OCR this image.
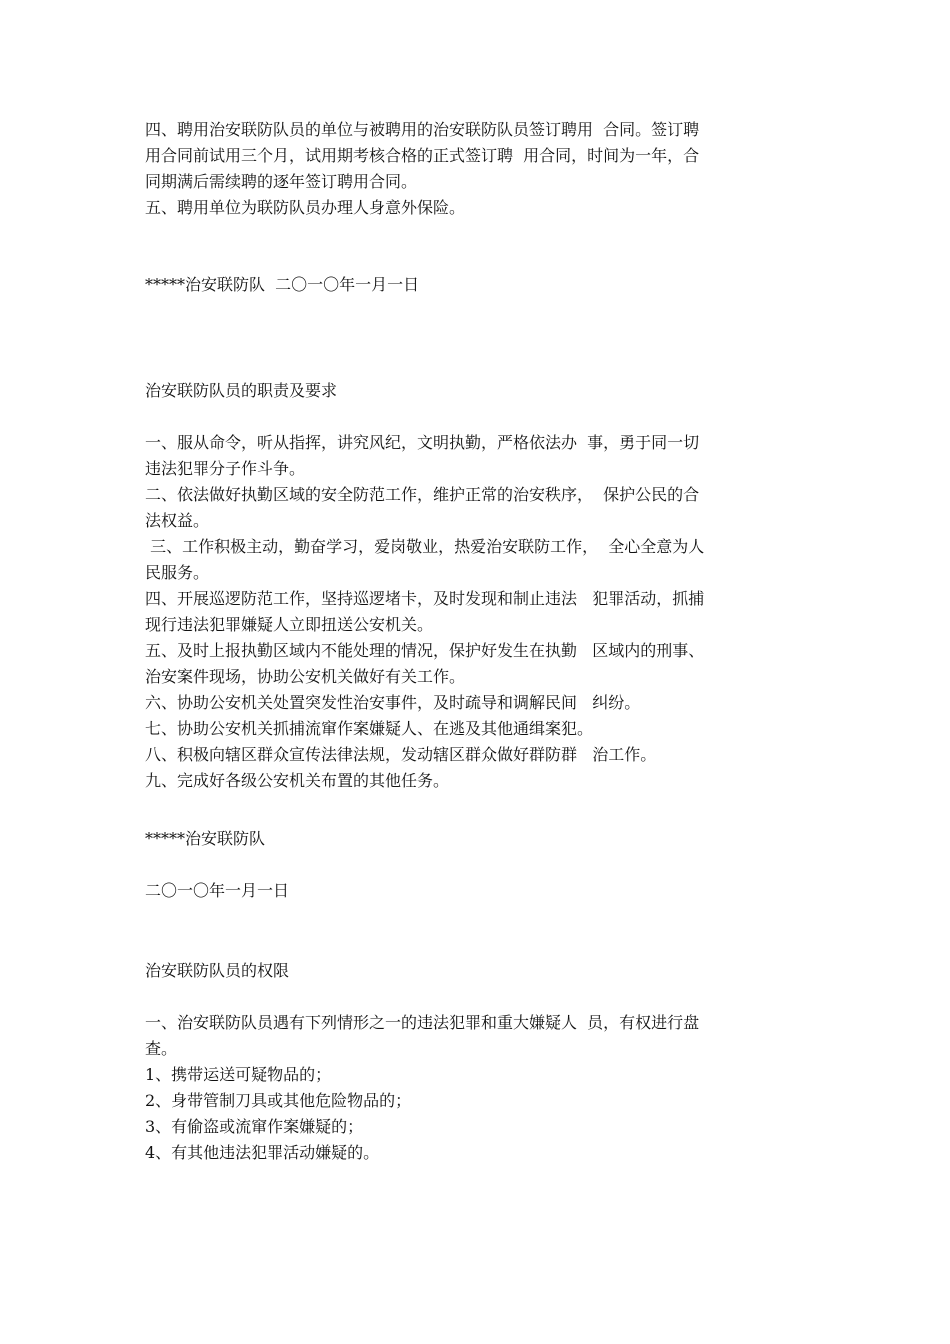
四、聘用治安联防队员的单位与被聘用的治安联防队员签订聘用  合同。签订聘
用合同前试用三个月，试用期考核合格的正式签订聘  用合同，时间为一年，合
同期满后需续聘的逐年签订聘用合同。
五、聘用单位为联防队员办理人身意外保险。
*****治安联防队  二〇一〇年一月一日
治安联防队员的职责及要求
一、服从命令，听从指挥，讲究风纪，文明执勤，严格依法办  事，勇于同一切
违法犯罪分子作斗争。
二、依法做好执勤区域的安全防范工作，维护正常的治安秩序，  保护公民的合
法权益。
三、工作积极主动，勤奋学习，爱岗敬业，热爱治安联防工作，  全心全意为人
民服务。
四、开展巡逻防范工作，坚持巡逻堵卡，及时发现和制止违法   犯罪活动，抓捕
现行违法犯罪嫌疑人立即扭送公安机关。
五、及时上报执勤区域内不能处理的情况，保护好发生在执勤   区域内的刑事、
治安案件现场，协助公安机关做好有关工作。
六、协助公安机关处置突发性治安事件，及时疏导和调解民间   纠纷。
七、协助公安机关抓捕流窜作案嫌疑人、在逃及其他通缉案犯。
八、积极向辖区群众宣传法律法规，发动辖区群众做好群防群   治工作。
九、完成好各级公安机关布置的其他任务。
*****治安联防队
二〇一〇年一月一日
治安联防队员的权限
一、治安联防队员遇有下列情形之一的违法犯罪和重大嫌疑人  员，有权进行盘
查。
1、携带运送可疑物品的；
2、身带管制刀具或其他危险物品的；
3、有偷盗或流窜作案嫌疑的；
4、有其他违法犯罪活动嫌疑的。
